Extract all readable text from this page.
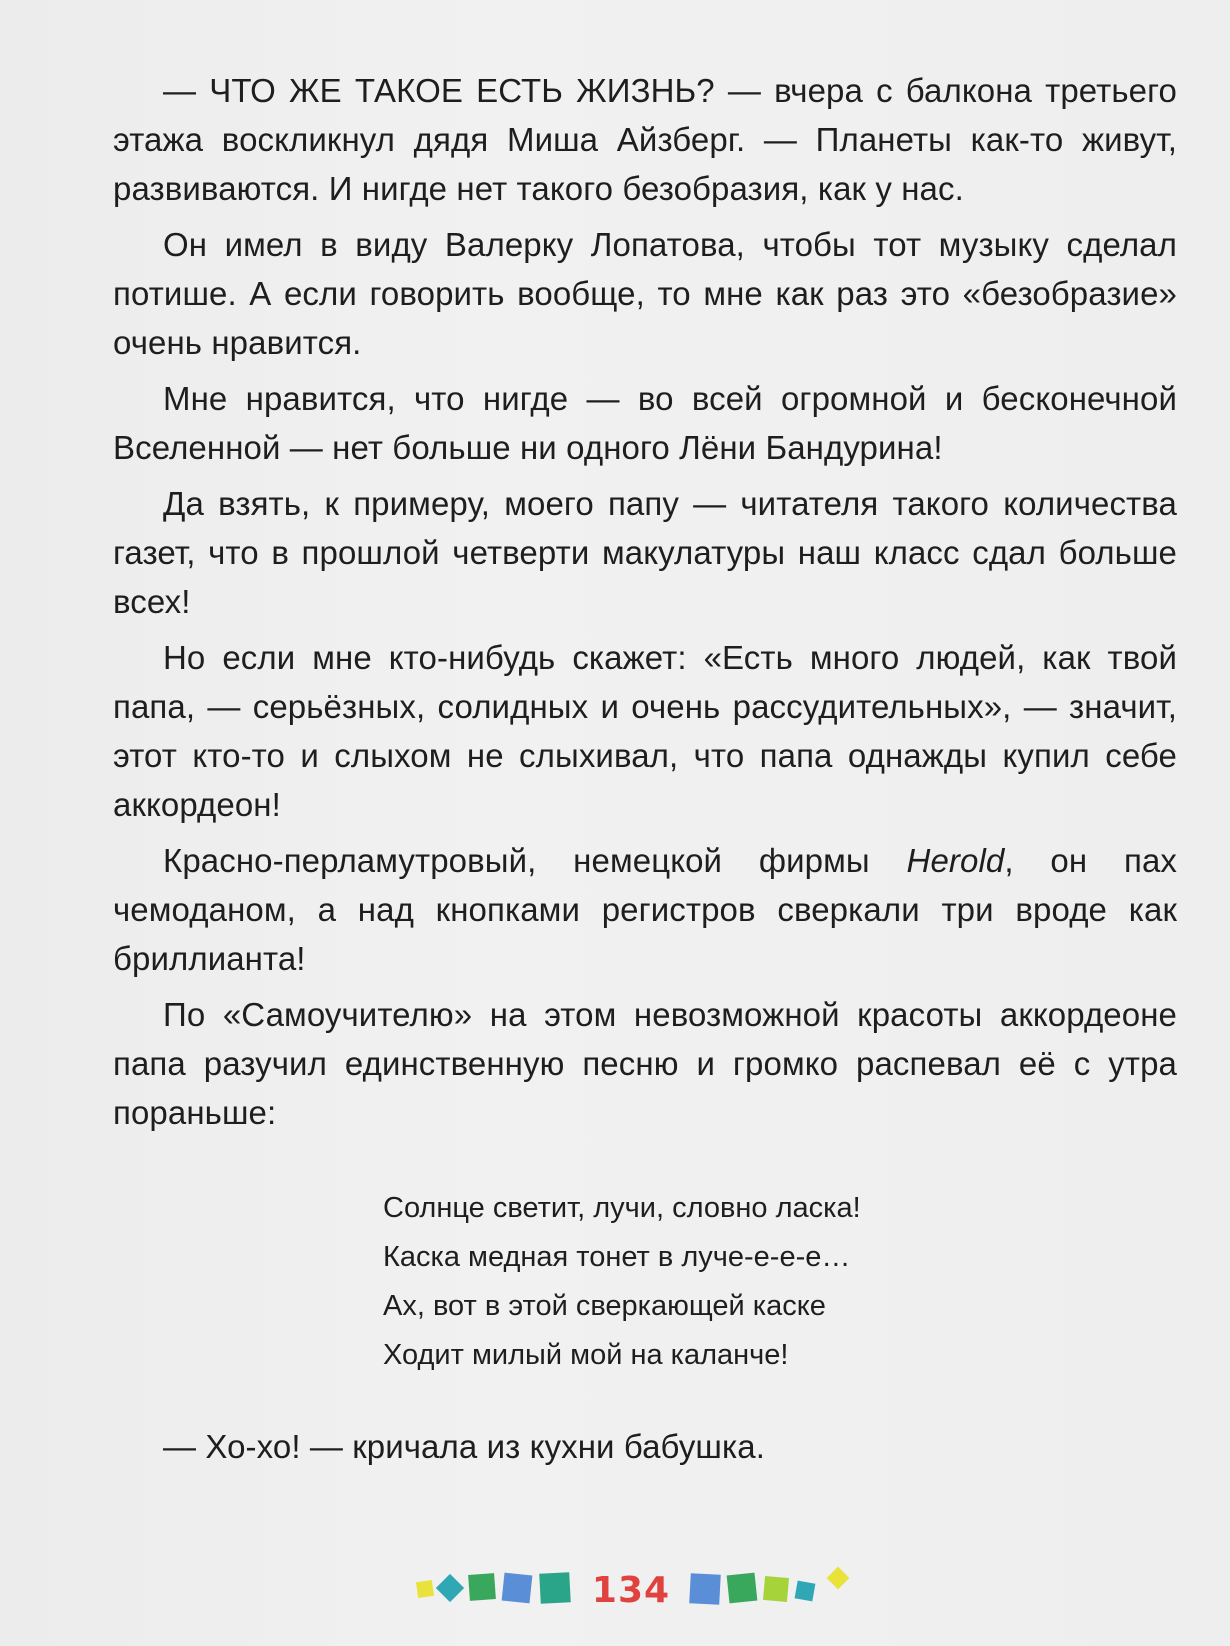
— ЧТО ЖЕ ТАКОЕ ЕСТЬ ЖИЗНЬ? — вчера с балкона третьего этажа воскликнул дядя Миша Айзберг. — Планеты как-то живут, развиваются. И нигде нет такого безобразия, как у нас.

Он имел в виду Валерку Лопатова, чтобы тот музыку сделал потише. А если говорить вообще, то мне как раз это «безобразие» очень нравится.

Мне нравится, что нигде — во всей огромной и бесконечной Вселенной — нет больше ни одного Лёни Бандурина!

Да взять, к примеру, моего папу — читателя такого количества газет, что в прошлой четверти макулатуры наш класс сдал больше всех!

Но если мне кто-нибудь скажет: «Есть много людей, как твой папа, — серьёзных, солидных и очень рассудительных», — значит, этот кто-то и слыхом не слыхивал, что папа однажды купил себе аккордеон!

Красно-перламутровый, немецкой фирмы Herold, он пах чемоданом, а над кнопками регистров сверкали три вроде как бриллианта!

По «Самоучителю» на этом невозможной красоты аккордеоне папа разучил единственную песню и громко распевал её с утра пораньше:

Солнце светит, лучи, словно ласка!
Каска медная тонет в луче-е-е-е…
Ах, вот в этой сверкающей каске
Ходит милый мой на каланче!

— Хо-хо! — кричала из кухни бабушка.

134
